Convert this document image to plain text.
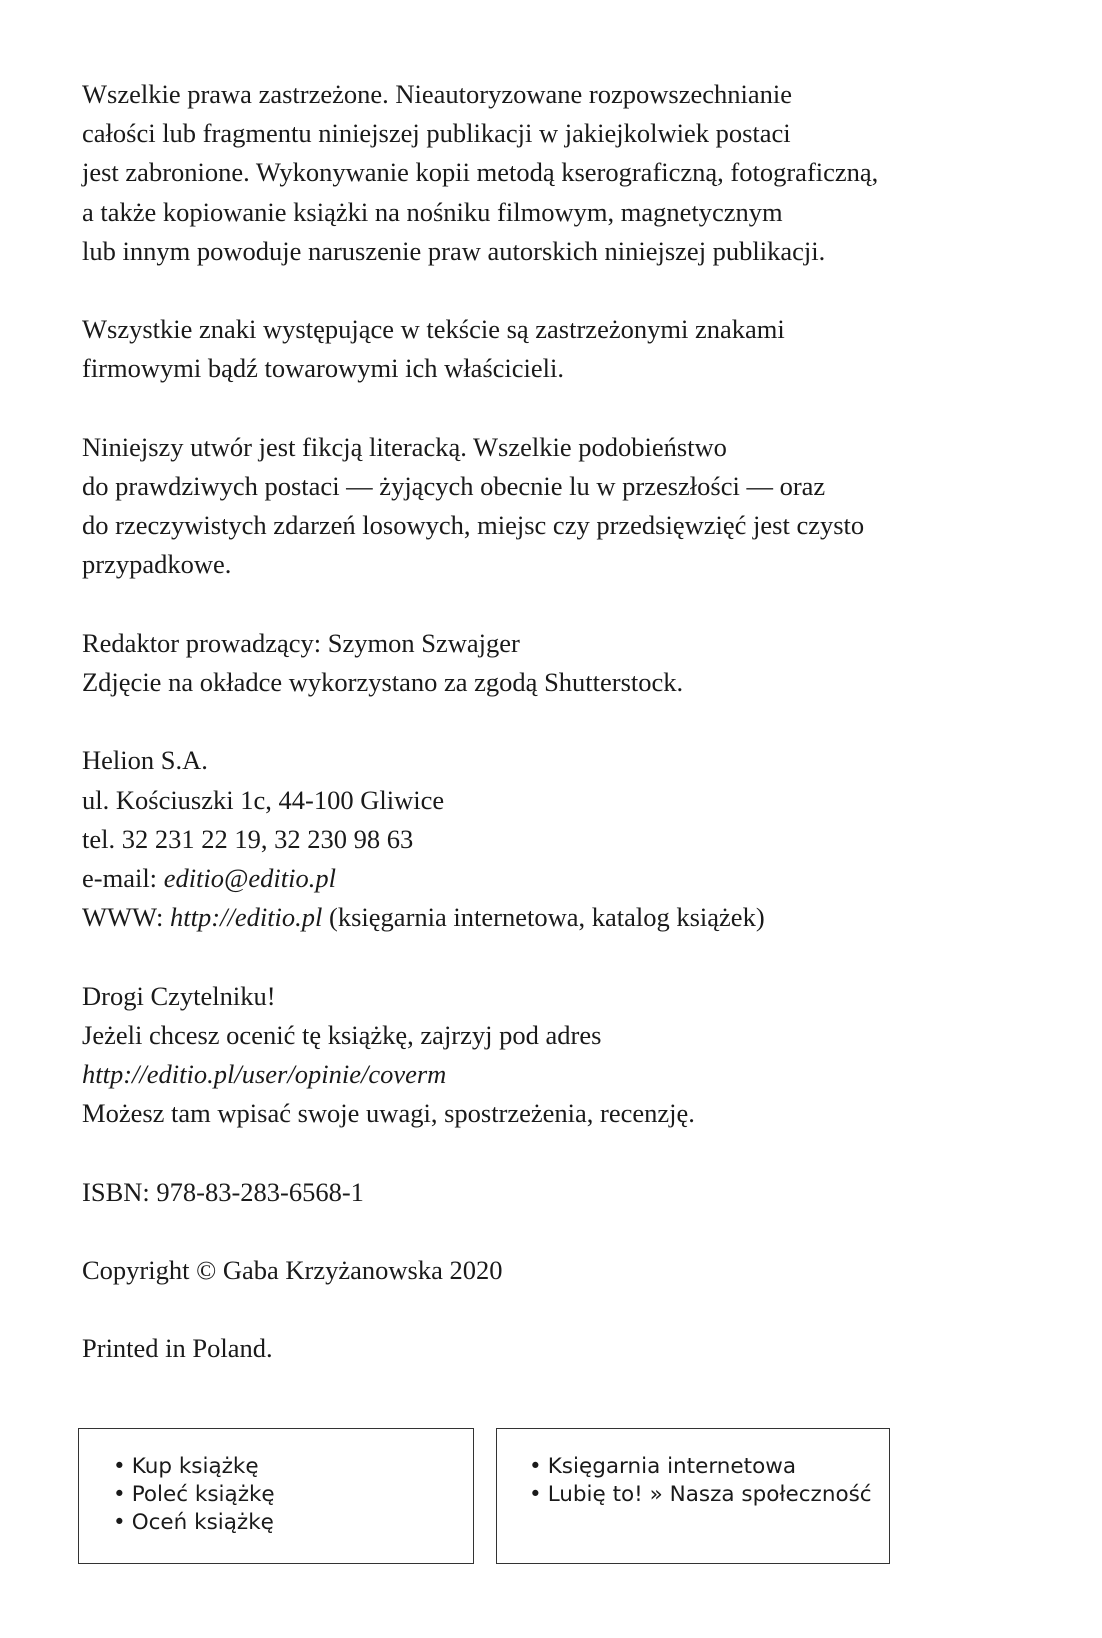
Wszelkie prawa zastrzeżone. Nieautoryzowane rozpowszechnianie
całości lub fragmentu niniejszej publikacji w jakiejkolwiek postaci
jest zabronione. Wykonywanie kopii metodą kserograficzną, fotograficzną,
a także kopiowanie książki na nośniku filmowym, magnetycznym
lub innym powoduje naruszenie praw autorskich niniejszej publikacji.

Wszystkie znaki występujące w tekście są zastrzeżonymi znakami
firmowymi bądź towarowymi ich właścicieli.

Niniejszy utwór jest fikcją literacką. Wszelkie podobieństwo
do prawdziwych postaci — żyjących obecnie lu w przeszłości — oraz
do rzeczywistych zdarzeń losowych, miejsc czy przedsięwzięć jest czysto
przypadkowe.

Redaktor prowadzący: Szymon Szwajger
Zdjęcie na okładce wykorzystano za zgodą Shutterstock.

Helion S.A.
ul. Kościuszki 1c, 44-100 Gliwice
tel. 32 231 22 19, 32 230 98 63
e-mail: editio@editio.pl
WWW: http://editio.pl (księgarnia internetowa, katalog książek)

Drogi Czytelniku!
Jeżeli chcesz ocenić tę książkę, zajrzyj pod adres
http://editio.pl/user/opinie/coverm
Możesz tam wpisać swoje uwagi, spostrzeżenia, recenzję.

ISBN: 978-83-283-6568-1

Copyright © Gaba Krzyżanowska 2020

Printed in Poland.

• Kup książkę
• Poleć książkę
• Oceń książkę
• Księgarnia internetowa
• Lubię to! » Nasza społeczność
